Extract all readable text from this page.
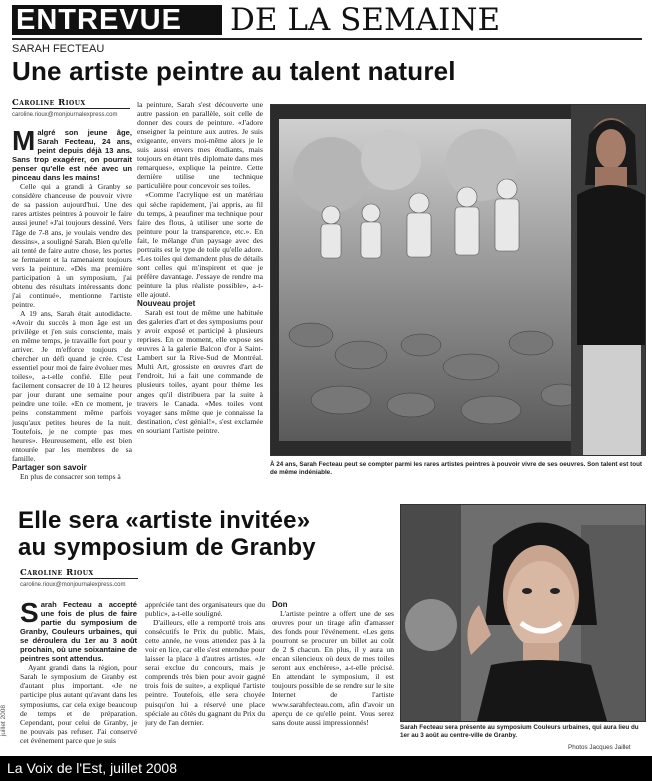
ENTREVUE DE LA SEMAINE
SARAH FECTEAU
Une artiste peintre au talent naturel
Caroline Rioux
caroline.rioux@monjournalexpress.com
M algré son jeune âge, Sarah Fecteau, 24 ans, peint depuis déjà 13 ans. Sans trop exagérer, on pourrait penser qu'elle est née avec un pinceau dans les mains!

Celle qui a grandi à Granby se considère chanceuse de pouvoir vivre de sa passion aujourd'hui. Une des rares artistes peintres à pouvoir le faire aussi jeune! «J'ai toujours dessiné. Vers l'âge de 7-8 ans, je voulais vendre des dessins», a souligné Sarah. Bien qu'elle ait tenté de faire autre chose, les portes se fermaient et la ramenaient toujours vers la peinture. «Dès ma première participation à un symposium, j'ai obtenu des résultats intéressants donc j'ai continué», mentionne l'artiste peintre.

A 19 ans, Sarah était autodidacte. «Avoir du succès à mon âge est un privilège et j'en suis consciente, mais en même temps, je travaille fort pour y arriver. Je m'efforce toujours de chercher un défi quand je crée. C'est essentiel pour moi de faire évoluer mes toiles», a-t-elle confié. Elle peut facilement consacrer de 10 à 12 heures par jour durant une semaine pour peindre une toile. «En ce moment, je peins constamment même parfois jusqu'aux petites heures de la nuit. Toutefois, je ne compte pas mes heures». Heureusement, elle est bien entourée par les membres de sa famille.

Partager son savoir

En plus de consacrer son temps à

la peinture, Sarah s'est découverte une autre passion en parallèle, soit celle de donner des cours de peinture. «J'adore enseigner la peinture aux autres. Je suis exigeante, envers moi-même alors je le suis aussi envers mes étudiants, mais toujours en étant très diplomate dans mes remarques», explique la peintre. Cette dernière utilise une technique particulière pour concevoir ses toiles.

«Comme l'acrylique est un matériau qui sèche rapidement, j'ai appris, au fil du temps, à peaufiner ma technique pour faire des flous, à utiliser une sorte de peinture pour la transparence, etc.». En fait, le mélange d'un paysage avec des portraits est le type de toile qu'elle adore. «Les toiles qui demandent plus de détails sont celles qui m'inspirent et que je préfère davantage. J'essaye de rendre ma peinture la plus réaliste possible», a-t-elle ajouté.

Nouveau projet

Sarah est tout de même une habituée des galeries d'art et des symposiums pour y avoir exposé et participé à plusieurs reprises. En ce moment, elle expose ses œuvres à la galerie Balcon d'or à Saint-Lambert sur la Rive-Sud de Montréal. Multi Art, grossiste en œuvres d'art de l'endroit, lui a fait une commande de plusieurs toiles, ayant pour thème les anges qu'il distribuera par la suite à travers le Canada. «Mes toiles vont voyager sans même que je connaisse la destination, c'est génial!», s'est exclamée en souriant l'artiste peintre.

À 24 ans, Sarah Fecteau peut se compter parmi les rares artistes peintres à pouvoir vivre de ses oeuvres. Son talent est tout de même indéniable.
Elle sera «artiste invitée»
au symposium de Granby
Caroline Rioux
caroline.rioux@monjournalexpress.com
S arah Fecteau a accepté une fois de plus de faire partie du symposium de Granby, Couleurs urbaines, qui se déroulera du 1er au 3 août prochain, où une soixantaine de peintres sont attendus.

Ayant grandi dans la région, pour Sarah le symposium de Granby est d'autant plus important. «Je ne participe plus autant qu'avant dans les symposiums, car cela exige beaucoup de temps et de préparation. Cependant, pour celui de Granby, je ne pouvais pas refuser. J'ai conservé cet événement parce que je suis

appréciée tant des organisateurs que du public», a-t-elle souligné.

D'ailleurs, elle a remporté trois ans consécutifs le Prix du public. Mais, cette année, ne vous attendez pas à la voir en lice, car elle s'est entendue pour laisser la place à d'autres artistes. «Je serai exclue du concours, mais je comprends très bien pour avoir gagné trois fois de suite», a expliqué l'artiste peintre. Toutefois, elle sera choyée puisqu'on lui a réservé une place spéciale au côtés du gagnant du Prix du jury de l'an dernier.

Don

L'artiste peintre a offert une de ses œuvres pour un tirage afin d'amasser des fonds pour l'événement. «Les gens pourront se procurer un billet au coût de 2 $ chacun. En plus, il y aura un encan silencieux où deux de mes toiles seront aux enchères», a-t-elle précisé. En attendant le symposium, il est toujours possible de se rendre sur le site Internet de l'artiste www.sarahfecteau.com, afin d'avoir un aperçu de ce qu'elle peint. Vous serez sans doute aussi impressionnés!

Sarah Fecteau sera présente au symposium Couleurs urbaines, qui aura lieu du 1er au 3 août au centre-ville de Granby.
Photos Jacques Jaillet
juillet 2008
La Voix de l'Est, juillet 2008
